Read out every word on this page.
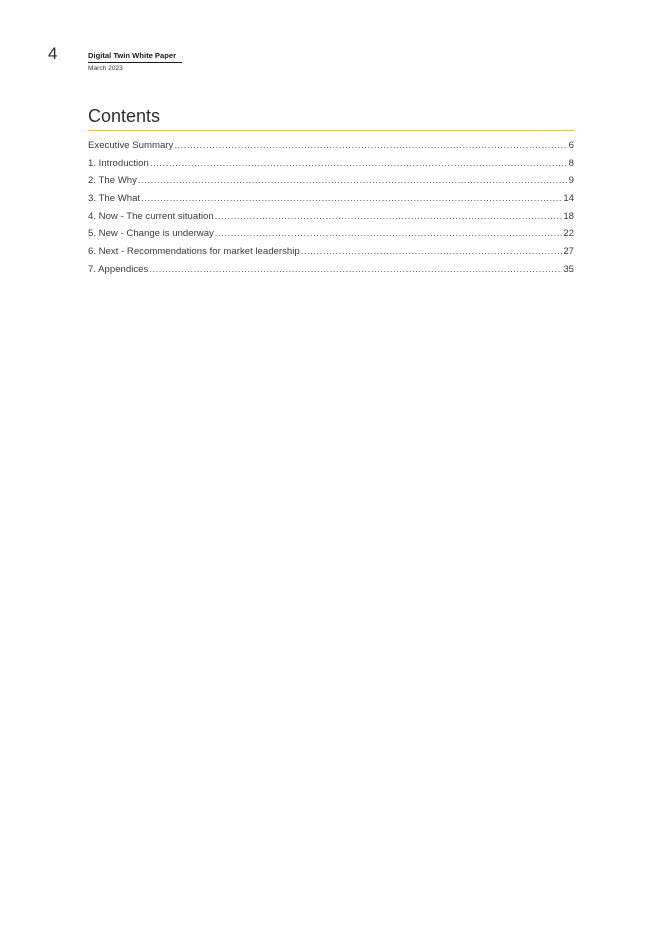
4	Digital Twin White Paper
March 2023
Contents
Executive Summary .....	6
1. Introduction .....	8
2. The Why .....	9
3. The What .....	14
4. Now - The current situation .....	18
5. New - Change is underway .....	22
6. Next - Recommendations for market leadership .....	27
7. Appendices .....	35
